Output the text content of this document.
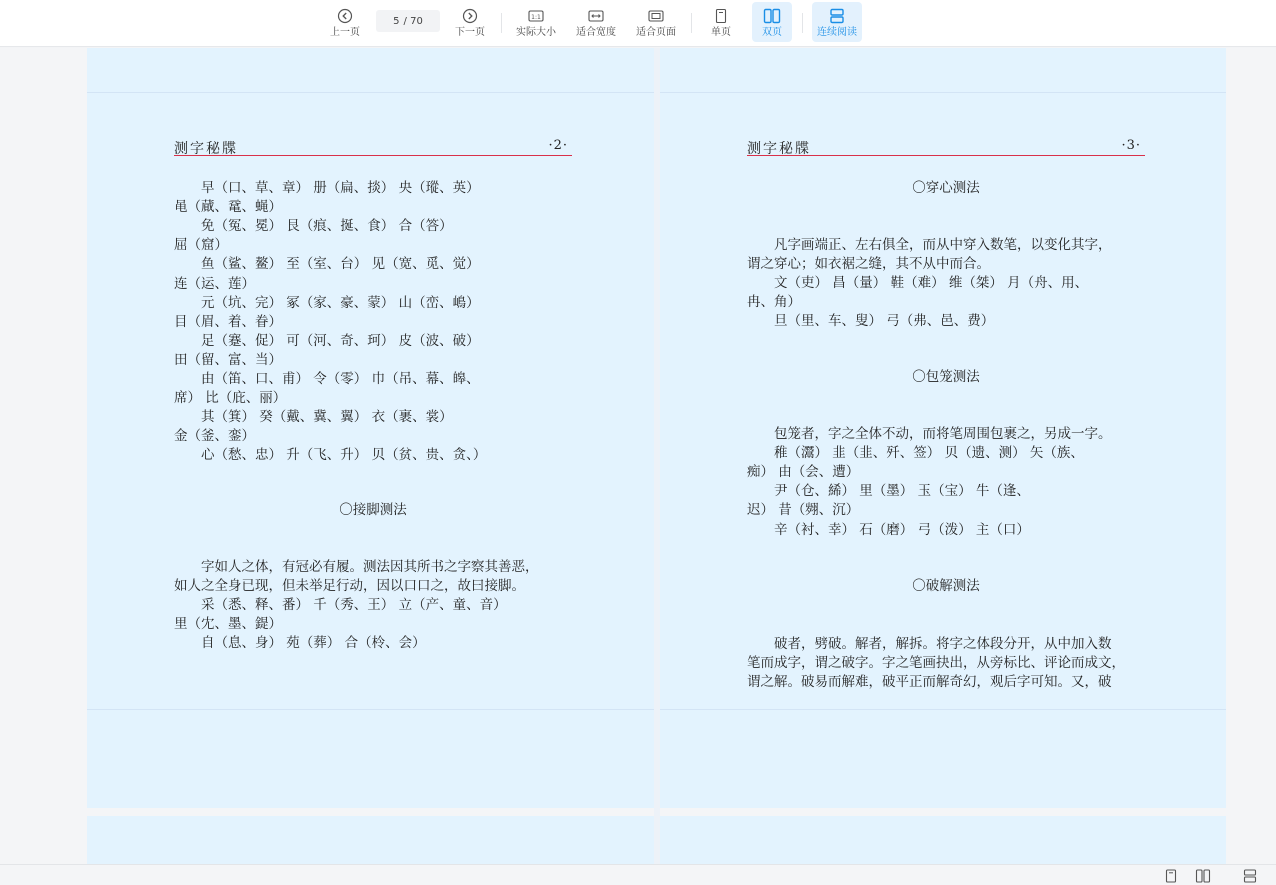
上一页
5 / 70
下一页
1:1
实际大小 适合宽度 适合页面	单页	双页	连续阅读
测字秘牒	·2·
　　早（口、草、章） 册（扁、掞） 央（瑽、英）
黾（蕆、鼋、蝇）
　　免（冤、冕） 艮（痕、挻、食） 合（答）
屈（窟）
　　鱼（鲨、鳌） 至（室、台） 见（宽、觅、觉）
连（运、莲）
　　元（坑、完） 冢（家、豪、蒙） 山（峦、嶋）
目（眉、着、眷）
　　足（蹇、促） 可（河、奇、珂） 皮（波、破）
田（留、富、当）
　　由（笛、口、甫） 令（零） 巾（吊、幕、皞、
席） 比（庇、丽）
　　其（箕） 癸（戴、冀、翼） 衣（裹、裳）
金（釜、銮）
　　心（愁、忠） 升（飞、升） 贝（贫、贵、贪、）
〇接脚测法
　　字如人之体，有冠必有履。测法因其所书之字察其善恶，
如人之全身已现，但未举足行动，因以口口之，故曰接脚。
　　采（悉、释、番） 千（秀、王） 立（产、童、音）
里（冘、墨、鍉）
　　自（息、身） 苑（葬） 合（柃、会）
测字秘牒	·3·
〇穿心测法
　　凡字画端正、左右俱全，而从中穿入数笔，以变化其字，
谓之穿心；如衣裾之缝，其不从中而合。
　　文（吏） 昌（量） 鞋（难） 维（桀） 月（舟、用、
冉、角）
　　旦（里、车、叟） 弓（弗、邑、费）
〇包笼测法
　　包笼者，字之全体不动，而将笔周围包裹之，另成一字。
　　稚（灊） 韭（韭、歼、签） 贝（遗、测） 矢（族、
痴） 由（会、遭）
　　尹（仓、絺） 里（墨） 玉（宝） 牛（逢、
迟） 昔（翙、沉）
　　辛（衬、幸） 石（磨） 弓（泼） 主（口）
〇破解测法
　　破者，劈破。解者，解拆。将字之体段分开，从中加入数
笔而成字，谓之破字。字之笔画抉出，从旁标比、评论而成文，
谓之解。破易而解难，破平正而解奇幻，观后字可知。又，破
